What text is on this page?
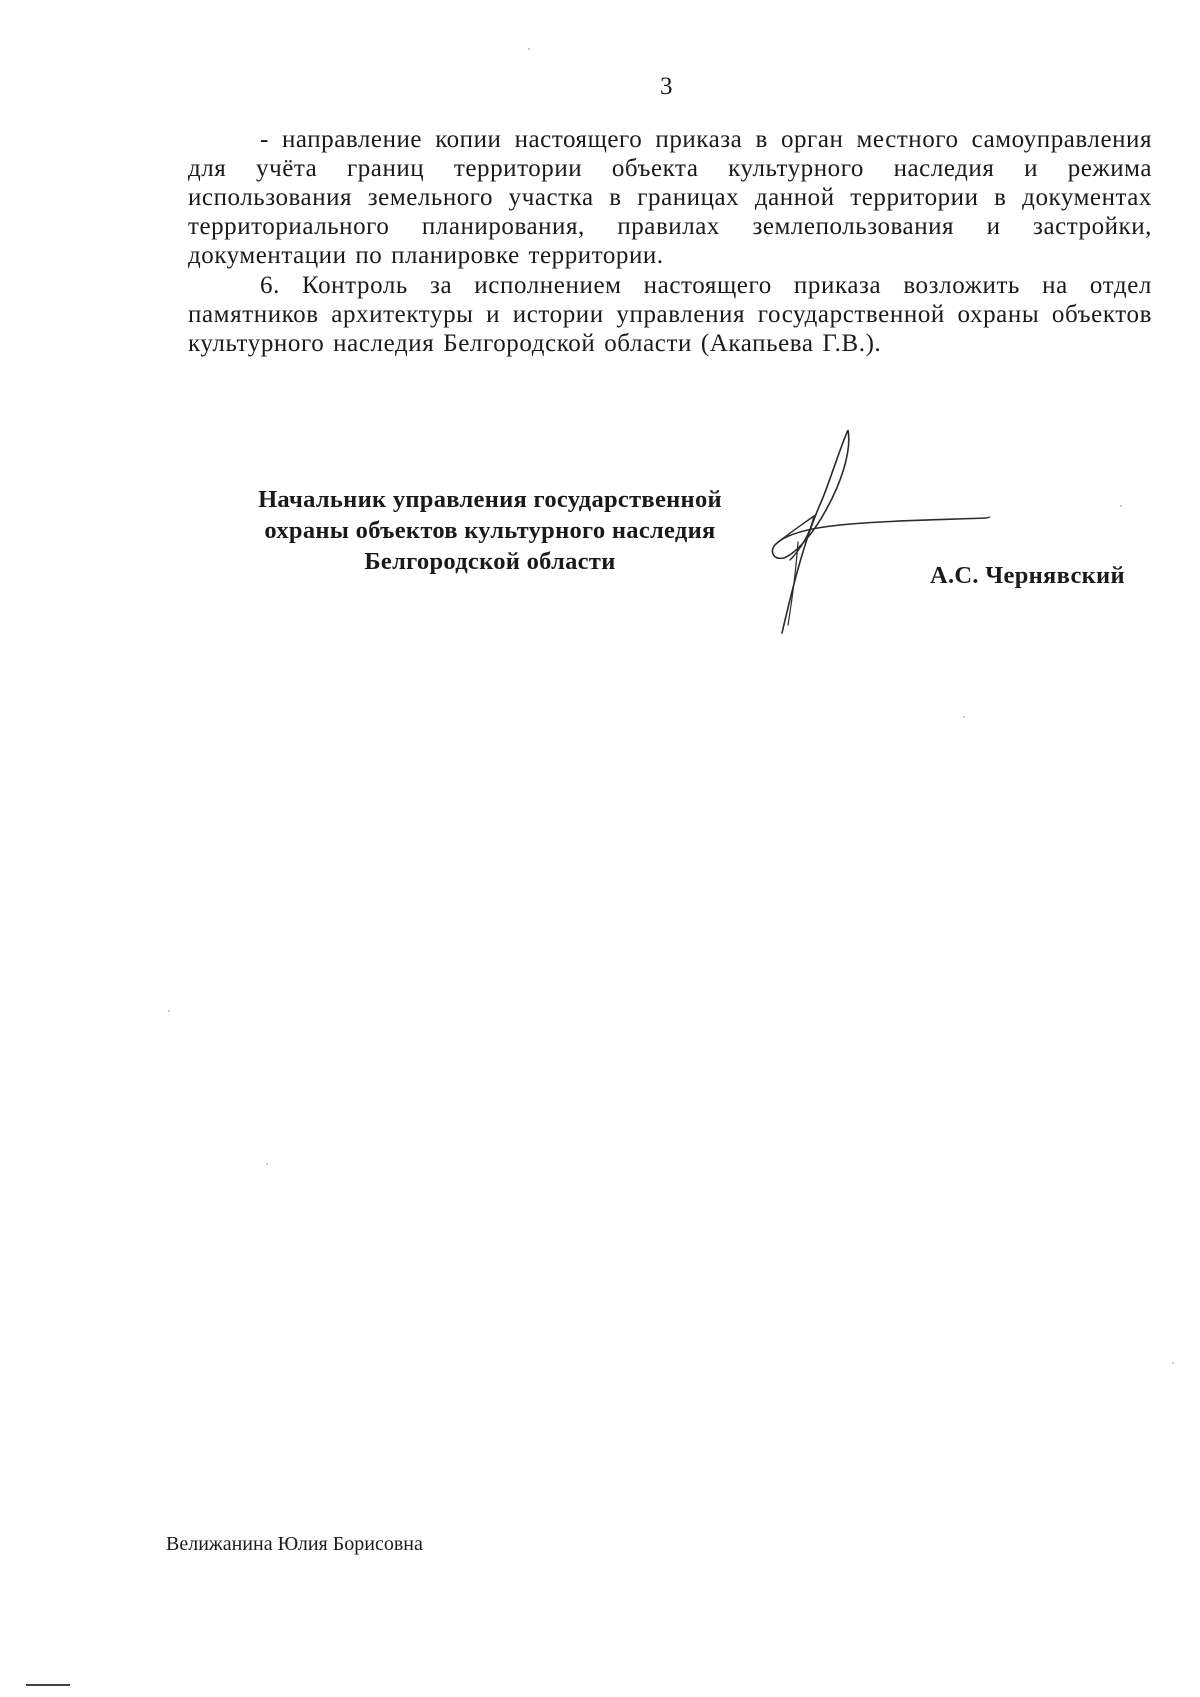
3

- направление копии настоящего приказа в орган местного самоуправления для учёта границ территории объекта культурного наследия и режима использования земельного участка в границах данной территории в документах территориального планирования, правилах землепользования и застройки, документации по планировке территории.

6. Контроль за исполнением настоящего приказа возложить на отдел памятников архитектуры и истории управления государственной охраны объектов культурного наследия Белгородской области (Акапьева Г.В.).

Начальник управления государственной
охраны объектов культурного наследия
Белгородской области
А.С. Чернявский
Велижанина Юлия Борисовна
